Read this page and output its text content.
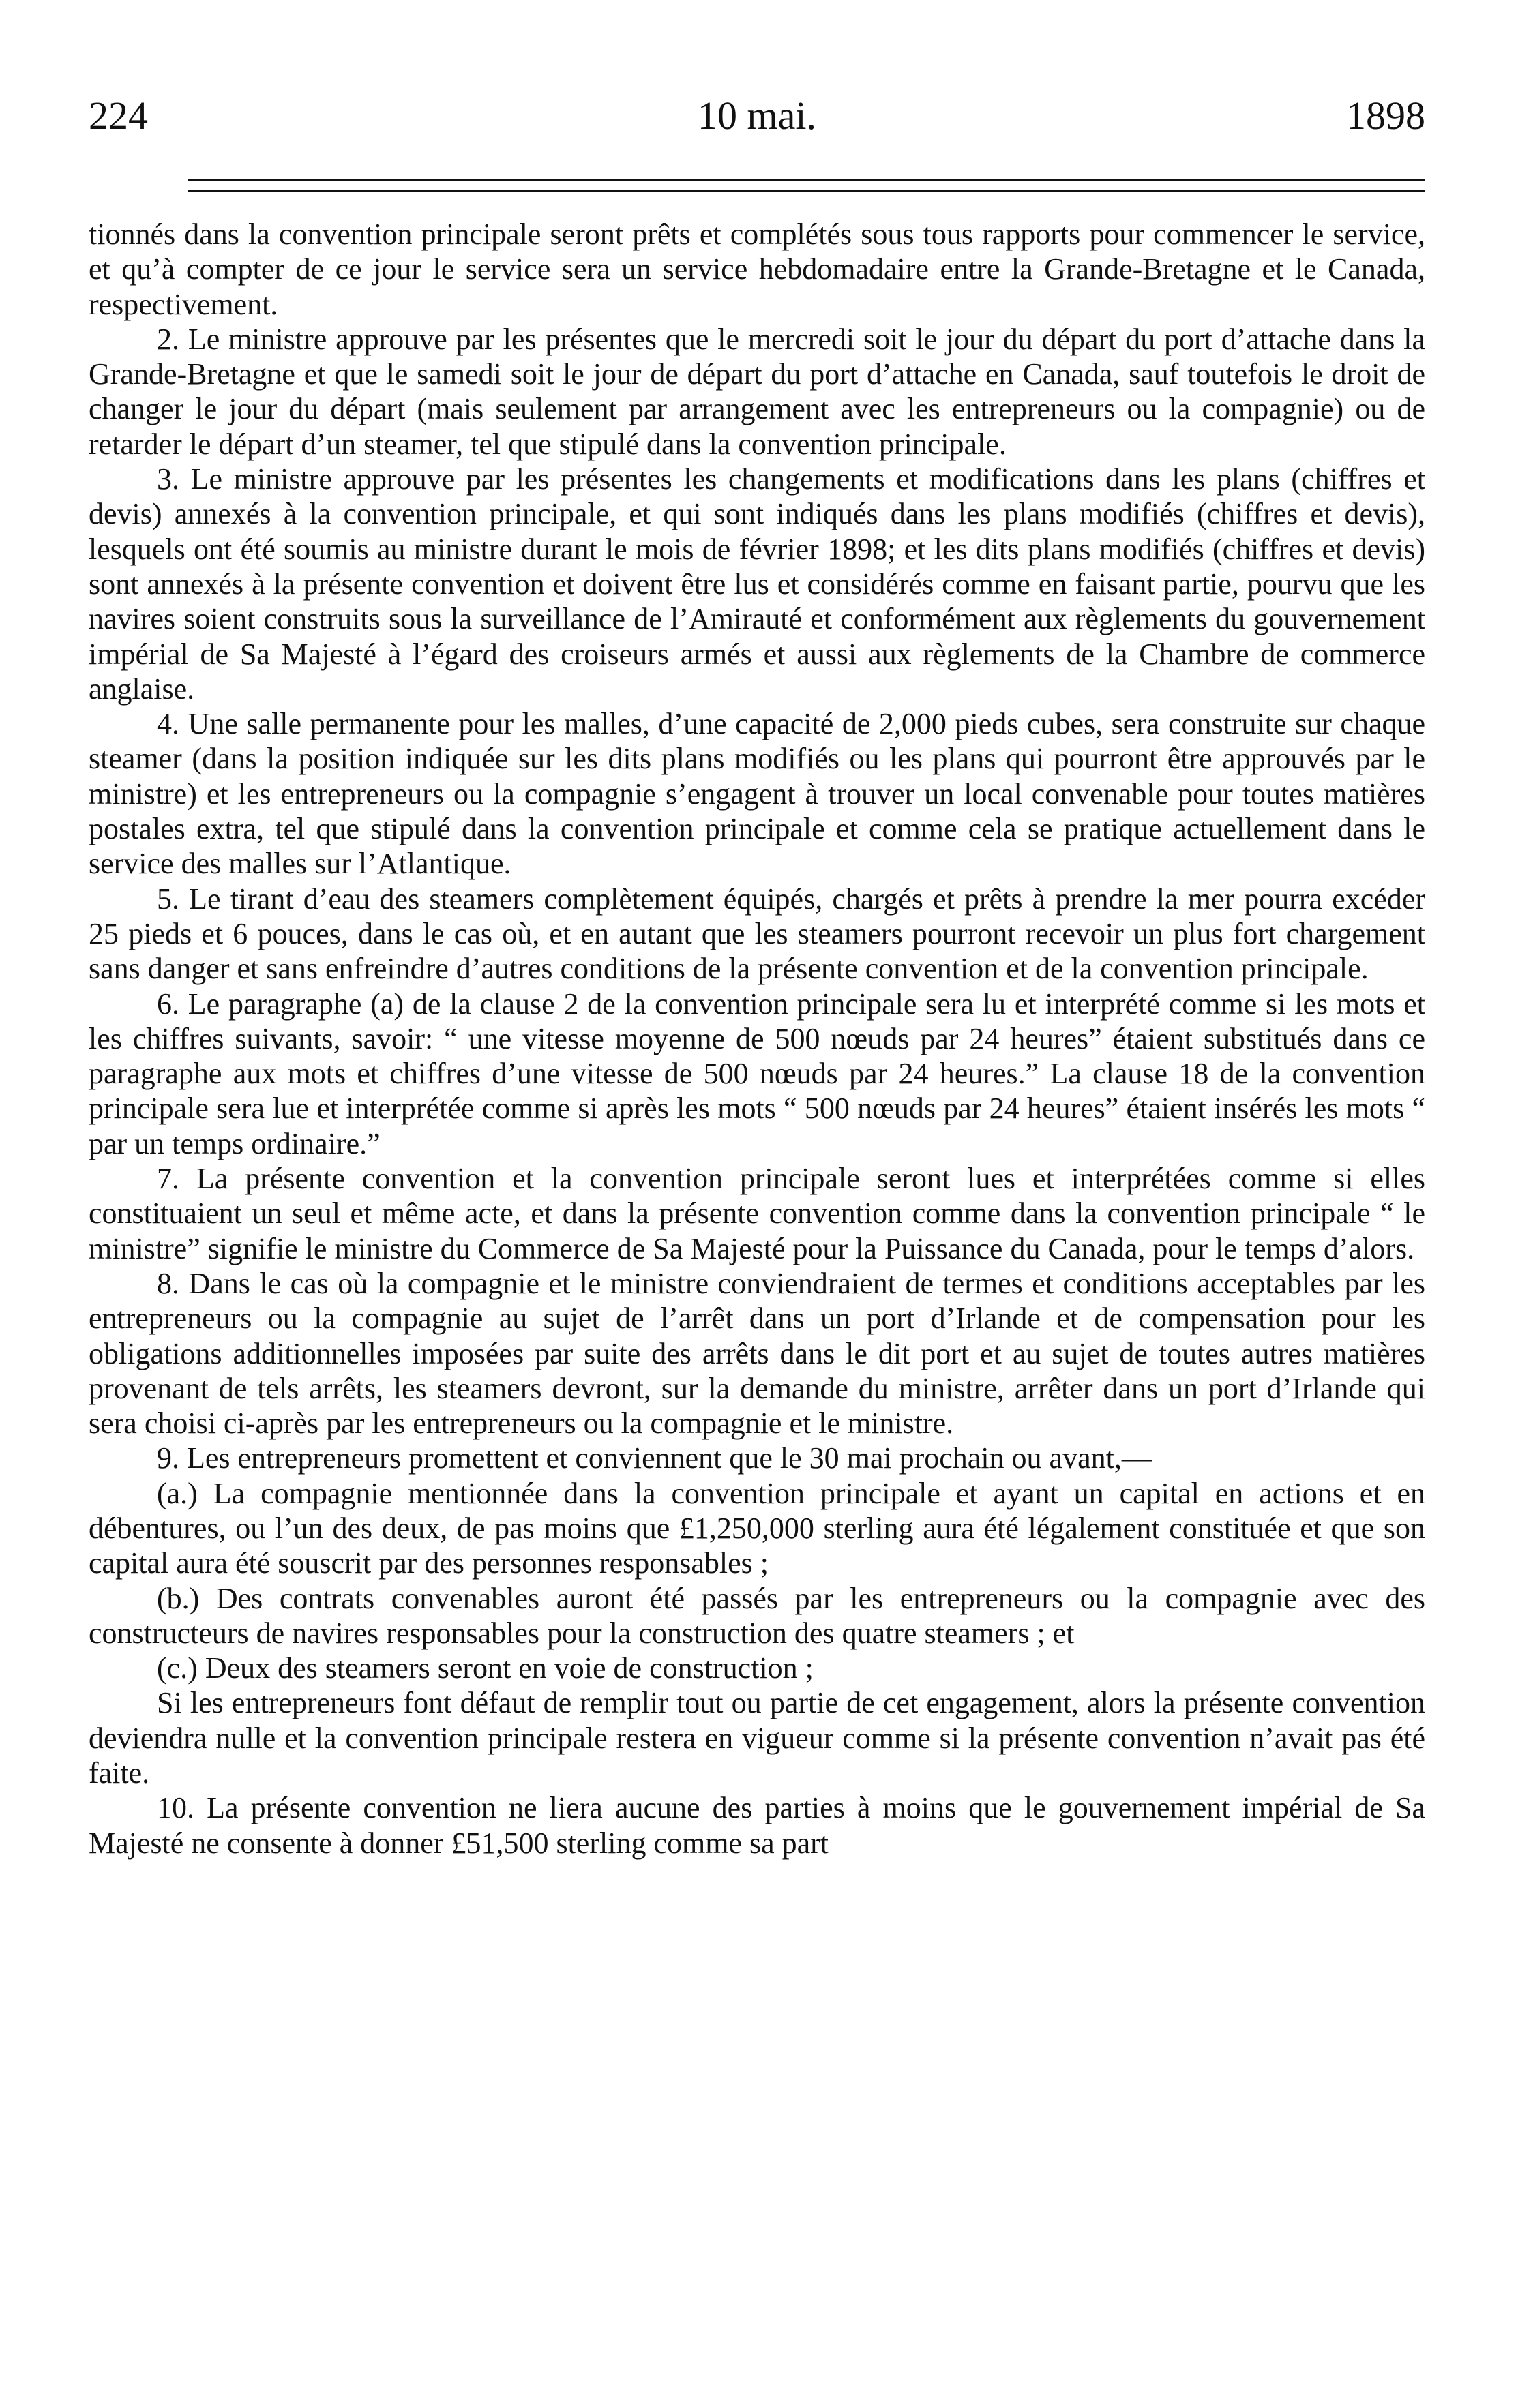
224	10 mai.	1898

tionnés dans la convention principale seront prêts et complétés sous tous rapports pour commencer le service, et qu’à compter de ce jour le service sera un service hebdomadaire entre la Grande-Bretagne et le Canada, respectivement.

2. Le ministre approuve par les présentes que le mercredi soit le jour du départ du port d’attache dans la Grande-Bretagne et que le samedi soit le jour de départ du port d’attache en Canada, sauf toutefois le droit de changer le jour du départ (mais seulement par arrangement avec les entrepreneurs ou la compagnie) ou de retarder le départ d’un steamer, tel que stipulé dans la convention principale.

3. Le ministre approuve par les présentes les changements et modifications dans les plans (chiffres et devis) annexés à la convention principale, et qui sont indiqués dans les plans modifiés (chiffres et devis), lesquels ont été soumis au ministre durant le mois de février 1898; et les dits plans modifiés (chiffres et devis) sont annexés à la présente convention et doivent être lus et considérés comme en faisant partie, pourvu que les navires soient construits sous la surveillance de l’Amirauté et conformément aux règlements du gouvernement impérial de Sa Majesté à l’égard des croiseurs armés et aussi aux règlements de la Chambre de commerce anglaise.

4. Une salle permanente pour les malles, d’une capacité de 2,000 pieds cubes, sera construite sur chaque steamer (dans la position indiquée sur les dits plans modifiés ou les plans qui pourront être approuvés par le ministre) et les entrepreneurs ou la compagnie s’engagent à trouver un local convenable pour toutes matières postales extra, tel que stipulé dans la convention principale et comme cela se pratique actuellement dans le service des malles sur l’Atlantique.

5. Le tirant d’eau des steamers complètement équipés, chargés et prêts à prendre la mer pourra excéder 25 pieds et 6 pouces, dans le cas où, et en autant que les steamers pourront recevoir un plus fort chargement sans danger et sans enfreindre d’autres conditions de la présente convention et de la convention principale.

6. Le paragraphe (a) de la clause 2 de la convention principale sera lu et interprété comme si les mots et les chiffres suivants, savoir: “ une vitesse moyenne de 500 nœuds par 24 heures” étaient substitués dans ce paragraphe aux mots et chiffres d’une vitesse de 500 nœuds par 24 heures.” La clause 18 de la convention principale sera lue et interprétée comme si après les mots “ 500 nœuds par 24 heures” étaient insérés les mots “ par un temps ordinaire.”

7. La présente convention et la convention principale seront lues et interprétées comme si elles constituaient un seul et même acte, et dans la présente convention comme dans la convention principale “ le ministre” signifie le ministre du Commerce de Sa Majesté pour la Puissance du Canada, pour le temps d’alors.

8. Dans le cas où la compagnie et le ministre conviendraient de termes et conditions acceptables par les entrepreneurs ou la compagnie au sujet de l’arrêt dans un port d’Irlande et de compensation pour les obligations additionnelles imposées par suite des arrêts dans le dit port et au sujet de toutes autres matières provenant de tels arrêts, les steamers devront, sur la demande du ministre, arrêter dans un port d’Irlande qui sera choisi ci-après par les entrepreneurs ou la compagnie et le ministre.

9. Les entrepreneurs promettent et conviennent que le 30 mai prochain ou avant,—

(a.) La compagnie mentionnée dans la convention principale et ayant un capital en actions et en débentures, ou l’un des deux, de pas moins que £1,250,000 sterling aura été légalement constituée et que son capital aura été souscrit par des personnes responsables ;

(b.) Des contrats convenables auront été passés par les entrepreneurs ou la compagnie avec des constructeurs de navires responsables pour la construction des quatre steamers ; et

(c.) Deux des steamers seront en voie de construction ;

Si les entrepreneurs font défaut de remplir tout ou partie de cet engagement, alors la présente convention deviendra nulle et la convention principale restera en vigueur comme si la présente convention n’avait pas été faite.

10. La présente convention ne liera aucune des parties à moins que le gouvernement impérial de Sa Majesté ne consente à donner £51,500 sterling comme sa part
